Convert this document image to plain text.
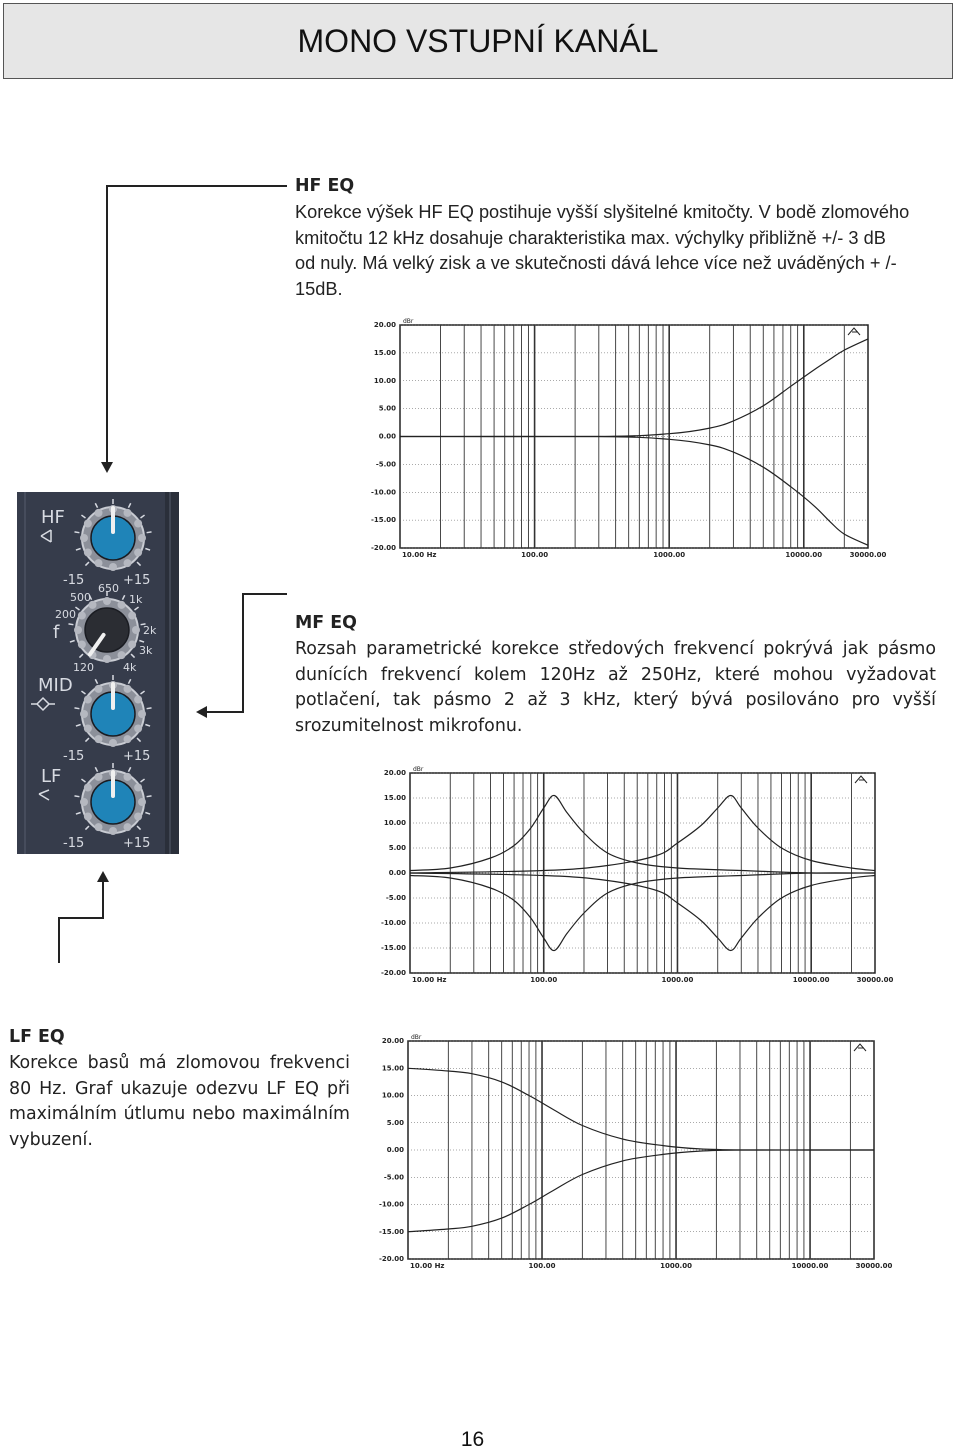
MONO VSTUPNÍ KANÁL
HF EQ
Korekce výšek HF EQ postihuje vyšší slyšitelné kmitočty. V bodě zlomového
kmitočtu 12 kHz dosahuje charakteristika max. výchylky přibližně +/- 3 dB
od nuly. Má velký zisk a ve skutečnosti dává lehce více než uváděných + /-
15dB.
MF EQ
Rozsah parametrické korekce středových frekvencí pokrývá jak pásmo dunících frekvencí kolem 120Hz až 250Hz, které mohou vyžadovat potlačení, tak pásmo 2 až 3 kHz, který bývá posilováno pro vyšší srozumitelnost mikrofonu.
LF EQ
Korekce basů má zlomovou frekvenci 80 Hz. Graf ukazuje odezvu LF EQ při maximálním útlumu nebo maximálním vybuzení.
HF
MID
LF
f
-15	+15
-15	+15
-15	+15
500
650
1k
200
2k
3k
120	4k
20.00
15.00
10.00
5.00
0.00
-5.00
-10.00
-15.00
-20.00
10.00 Hz	100.00	1000.00	10000.00	30000.00
dBr
20.00
15.00
10.00
5.00
0.00
-5.00
-10.00
-15.00
-20.00
10.00 Hz	100.00	1000.00	10000.00	30000.00
dBr
20.00
15.00
10.00
5.00
0.00
-5.00
-10.00
-15.00
-20.00
10.00 Hz	100.00	1000.00	10000.00	30000.00
dBr
16
